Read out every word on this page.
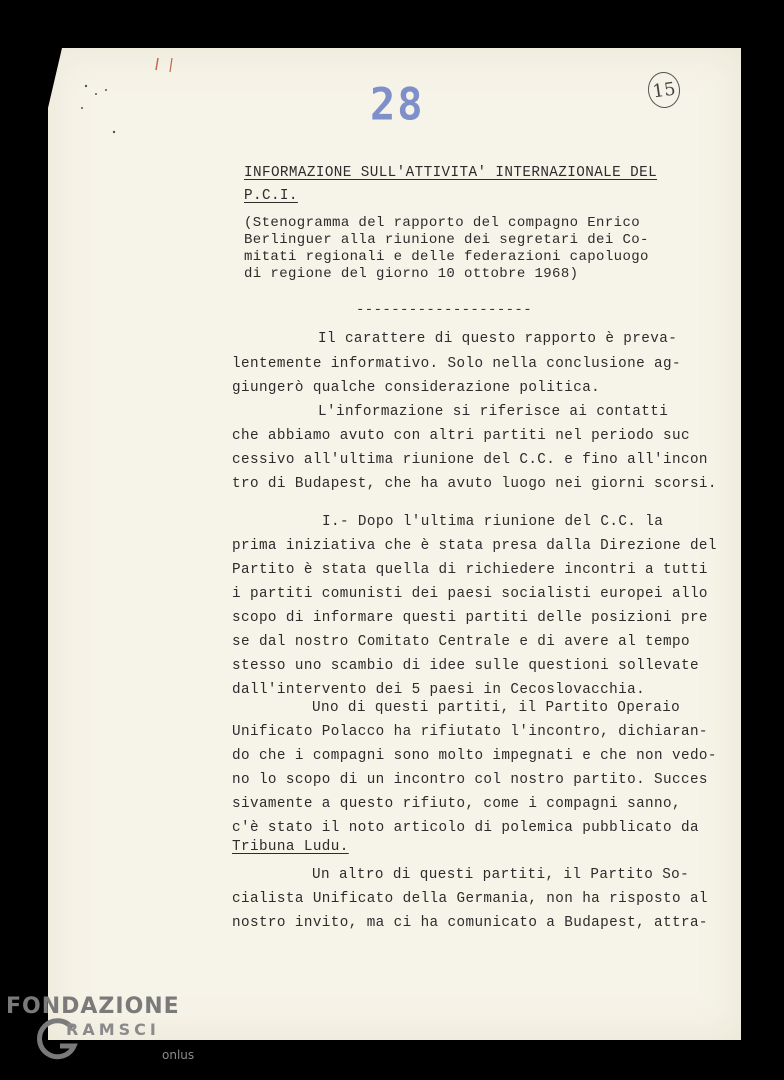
28	15
INFORMAZIONE SULL'ATTIVITA' INTERNAZIONALE DEL
P.C.I.
(Stenogramma del rapporto del compagno Enrico
Berlinguer alla riunione dei segretari dei Co-
mitati regionali e delle federazioni capoluogo
di regione del giorno 10 ottobre 1968)
--------------------
Il carattere di questo rapporto è preva-
lentemente informativo. Solo nella conclusione ag-
giungerò qualche considerazione politica.
L'informazione si riferisce ai contatti
che abbiamo avuto con altri partiti nel periodo suc
cessivo all'ultima riunione del C.C. e fino all'incon
tro di Budapest, che ha avuto luogo nei giorni scorsi.
I.- Dopo l'ultima riunione del C.C. la
prima iniziativa che è stata presa dalla Direzione del
Partito è stata quella di richiedere incontri a tutti
i partiti comunisti dei paesi socialisti europei allo
scopo di informare questi partiti delle posizioni pre
se dal nostro Comitato Centrale e di avere al tempo
stesso uno scambio di idee sulle questioni sollevate
dall'intervento dei 5 paesi in Cecoslovacchia.
Uno di questi partiti, il Partito Operaio
Unificato Polacco ha rifiutato l'incontro, dichiaran-
do che i compagni sono molto impegnati e che non vedo-
no lo scopo di un incontro col nostro partito. Succes
sivamente a questo rifiuto, come i compagni sanno,
c'è stato il noto articolo di polemica pubblicato da
Tribuna Ludu.
Un altro di questi partiti, il Partito So-
cialista Unificato della Germania, non ha risposto al
nostro invito, ma ci ha comunicato a Budapest, attra-
FONDAZIONE
RAMSCI
onlus
